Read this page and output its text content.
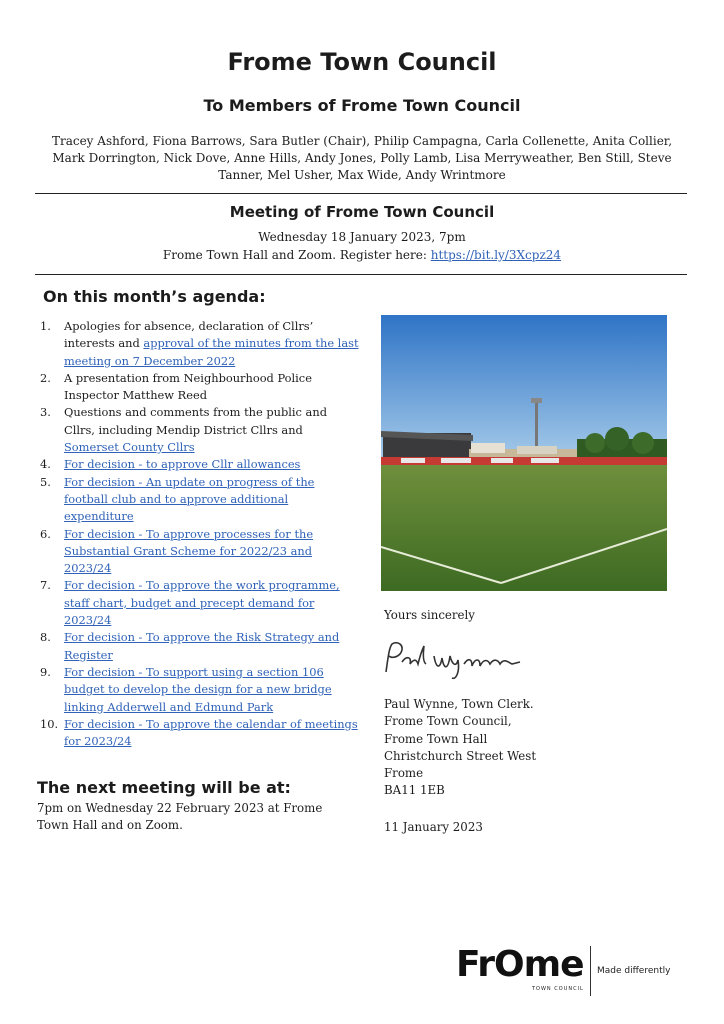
Frome Town Council
To Members of Frome Town Council
Tracey Ashford, Fiona Barrows, Sara Butler (Chair), Philip Campagna, Carla Collenette, Anita Collier,
Mark Dorrington, Nick Dove, Anne Hills, Andy Jones, Polly Lamb, Lisa Merryweather, Ben Still, Steve
Tanner, Mel Usher, Max Wide, Andy Wrintmore
Meeting of Frome Town Council
Wednesday 18 January 2023, 7pm
Frome Town Hall and Zoom. Register here: https://bit.ly/3Xcpz24
On this month’s agenda:
1.	Apologies for absence, declaration of Cllrs’ interests and approval of the minutes from the last meeting on 7 December 2022
2.	A presentation from Neighbourhood Police Inspector Matthew Reed
3.	Questions and comments from the public and Cllrs, including Mendip District Cllrs and Somerset County Cllrs
4.	For decision - to approve Cllr allowances
5.	For decision - An update on progress of the football club and to approve additional expenditure
6.	For decision - To approve processes for the Substantial Grant Scheme for 2022/23 and 2023/24
7.	For decision - To approve the work programme, staff chart, budget and precept demand for 2023/24
8.	For decision - To approve the Risk Strategy and Register
9.	For decision - To support using a section 106 budget to develop the design for a new bridge linking Adderwell and Edmund Park
10. For decision - To approve the calendar of meetings for 2023/24
The next meeting will be at:
7pm on Wednesday 22 February 2023 at Frome
Town Hall and on Zoom.
Yours sincerely
Paul Wynne, Town Clerk.
Frome Town Council,
Frome Town Hall
Christchurch Street West
Frome
BA11 1EB
11 January 2023
FrOme
TOWN COUNCIL
Made differently
